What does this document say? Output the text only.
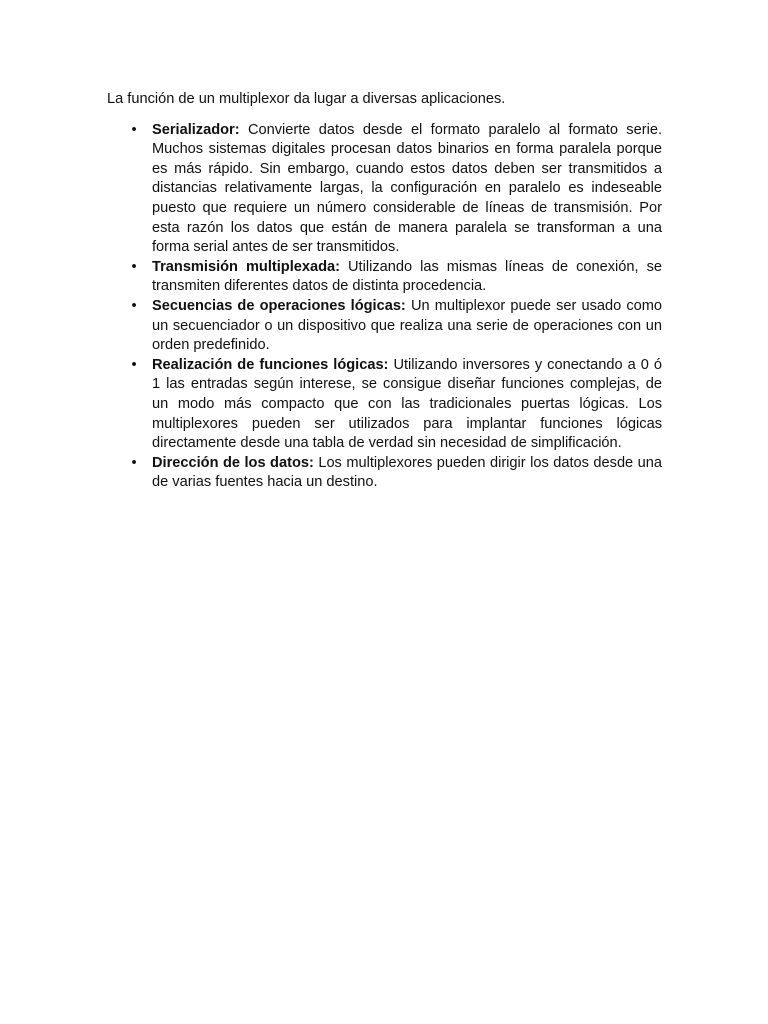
La función de un multiplexor da lugar a diversas aplicaciones.

• Serializador: Convierte datos desde el formato paralelo al formato serie. Muchos sistemas digitales procesan datos binarios en forma paralela porque es más rápido. Sin embargo, cuando estos datos deben ser transmitidos a distancias relativamente largas, la configuración en paralelo es indeseable puesto que requiere un número considerable de líneas de transmisión. Por esta razón los datos que están de manera paralela se transforman a una forma serial antes de ser transmitidos.
• Transmisión multiplexada: Utilizando las mismas líneas de conexión, se transmiten diferentes datos de distinta procedencia.
• Secuencias de operaciones lógicas: Un multiplexor puede ser usado como un secuenciador o un dispositivo que realiza una serie de operaciones con un orden predefinido.
• Realización de funciones lógicas: Utilizando inversores y conectando a 0 ó 1 las entradas según interese, se consigue diseñar funciones complejas, de un modo más compacto que con las tradicionales puertas lógicas. Los multiplexores pueden ser utilizados para implantar funciones lógicas directamente desde una tabla de verdad sin necesidad de simplificación.
• Dirección de los datos: Los multiplexores pueden dirigir los datos desde una de varias fuentes hacia un destino.
